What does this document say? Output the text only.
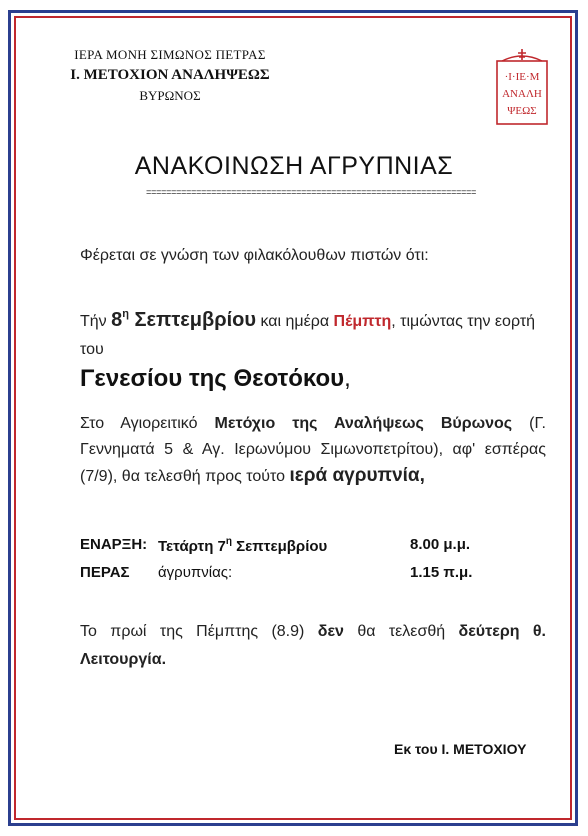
ΙΕΡΑ ΜΟΝΗ ΣΙΜΩΝΟΣ ΠΕΤΡΑΣ
Ι. ΜΕΤΟΧΙΟΝ ΑΝΑΛΗΨΕΩΣ
ΒΥΡΩΝΟΣ
·Ι·ΙΕ·Μ
ΑΝΑΛΗ
ΨΕΩΣ
ΑΝΑΚΟΙΝΩΣΗ ΑΓΡΥΠΝΙΑΣ
==================================================================
Φέρεται σε γνώση των φιλακόλουθων πιστών ότι:
Τήν $8^\eta$ Σεπτεμβρίου και ημέρα Πέμπτη, τιμώντας την εορτή του
Γενεσίου της Θεοτόκου,
Στο Αγιορειτικό Μετόχιο της Αναλήψεως Βύρωνος (Γ. Γεννηματά 5 & Αγ. Ιερωνύμου Σιμωνοπετρίτου), αφ' εσπέρας (7/9), θα τελεσθή προς τούτο ιερά αγρυπνία,
ΕΝΑΡΞΗ: Τετάρτη $7^\eta$ Σεπτεμβρίου	8.00 μ.μ.
ΠΕΡΑΣ άγρυπνίας:	1.15 π.μ.
Το πρωί της Πέμπτης (8.9) δεν θα τελεσθή δεύτερη θ. Λειτουργία.
Εκ του Ι. ΜΕΤΟΧΙΟΥ
